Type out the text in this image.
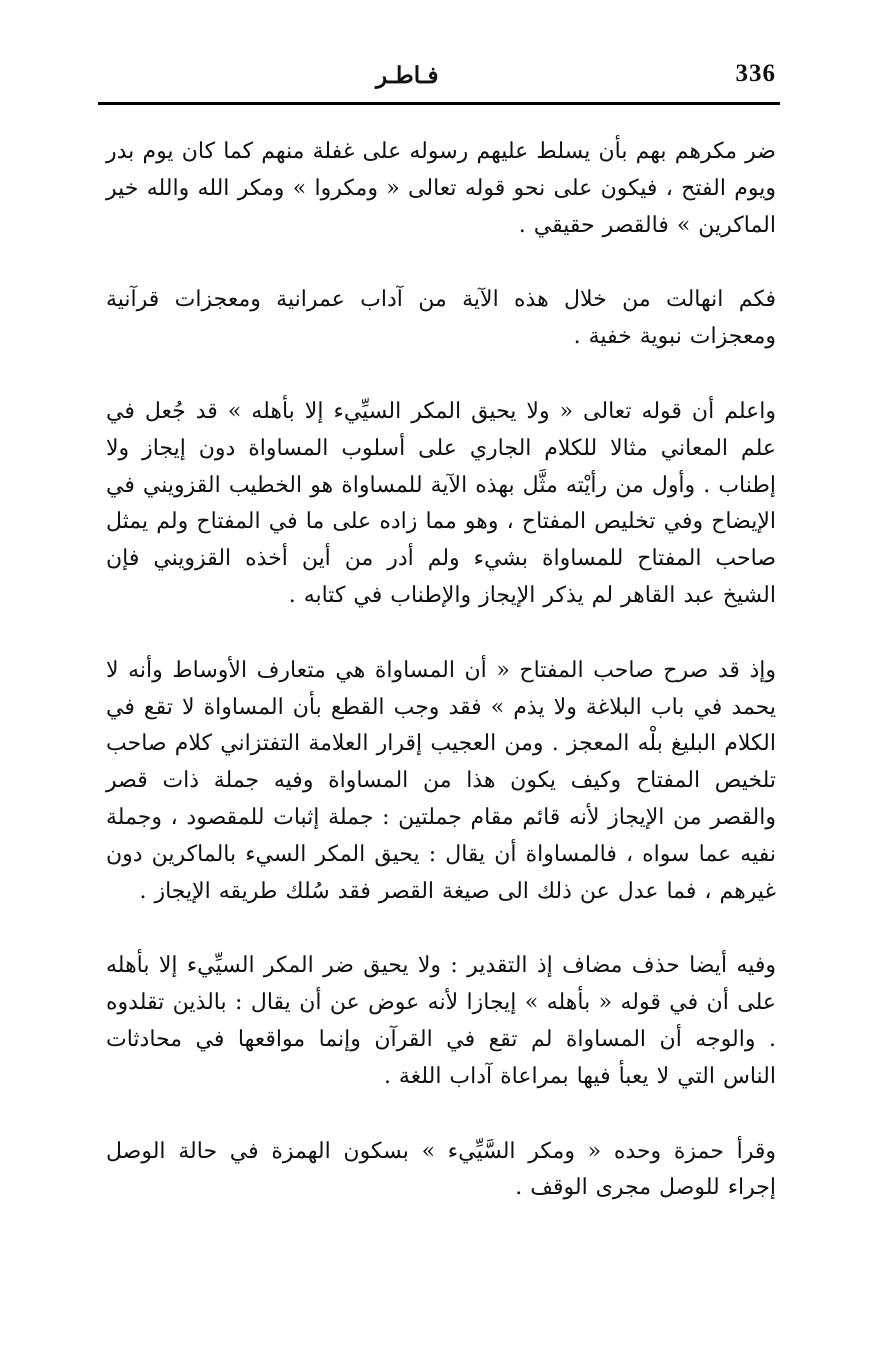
336
فـاطـر

ضر مكرهم بهم بأن يسلط عليهم رسوله على غفلة منهم كما كان يوم بدر ويوم الفتح ، فيكون على نحو قوله تعالى « ومكروا » ومكر الله والله خير الماكرين » فالقصر حقيقي .

فكم انهالت من خلال هذه الآية من آداب عمرانية ومعجزات قرآنية ومعجزات نبوية خفية .

واعلم أن قوله تعالى « ولا يحيق المكر السيِّيء إلا بأهله » قد جُعل في علم المعاني مثالا للكلام الجاري على أسلوب المساواة دون إيجاز ولا إطناب . وأول من رأيْته مثَّل بهذه الآية للمساواة هو الخطيب القزويني في الإيضاح وفي تخليص المفتاح ، وهو مما زاده على ما في المفتاح ولم يمثل صاحب المفتاح للمساواة بشيء ولم أدر من أين أخذه القزويني فإن الشيخ عبد القاهر لم يذكر الإيجاز والإطناب في كتابه .

وإذ قد صرح صاحب المفتاح « أن المساواة هي متعارف الأوساط وأنه لا يحمد في باب البلاغة ولا يذم » فقد وجب القطع بأن المساواة لا تقع في الكلام البليغ بلْه المعجز . ومن العجيب إقرار العلامة التفتزاني كلام صاحب تلخيص المفتاح وكيف يكون هذا من المساواة وفيه جملة ذات قصر والقصر من الإيجاز لأنه قائم مقام جملتين : جملة إثبات للمقصود ، وجملة نفيه عما سواه ، فالمساواة أن يقال : يحيق المكر السيء بالماكرين دون غيرهم ، فما عدل عن ذلك الى صيغة القصر فقد سُلك طريقه الإيجاز .

وفيه أيضا حذف مضاف إذ التقدير : ولا يحيق ضر المكر السيِّيء إلا بأهله على أن في قوله « بأهله » إيجازا لأنه عوض عن أن يقال : بالذين تقلدوه . والوجه أن المساواة لم تقع في القرآن وإنما مواقعها في محادثات الناس التي لا يعبأ فيها بمراعاة آداب اللغة .

وقرأ حمزة وحده « ومكر السَّيِّيء » بسكون الهمزة في حالة الوصل إجراء للوصل مجرى الوقف .
